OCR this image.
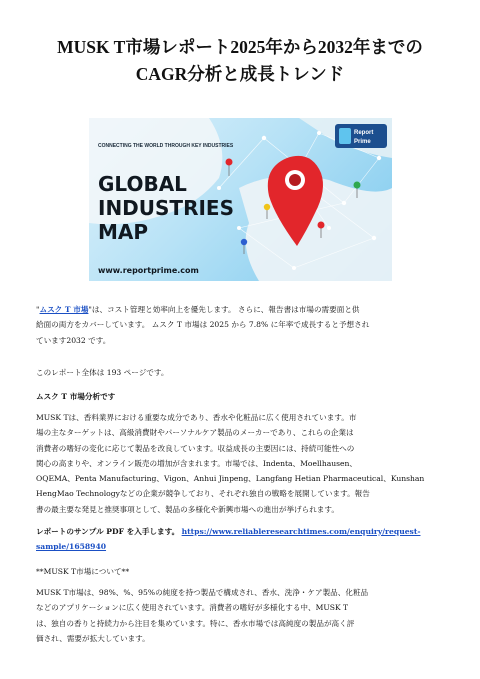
MUSK T市場レポート2025年から2032年までの
CAGR分析と成長トレンド
Report
Prime
CONNECTING THE WORLD THROUGH KEY INDUSTRIES
GLOBAL
INDUSTRIES
MAP
www.reportprime.com
"ムスク T 市場"は、コスト管理と効率向上を優先します。 さらに、報告書は市場の需要面と供
給面の両方をカバーしています。 ムスク T 市場は 2025 から 7.8% に年率で成長すると予想され
ています2032 です。
このレポート全体は 193 ページです。
ムスク T 市場分析です
MUSK Tは、香料業界における重要な成分であり、香水や化粧品に広く使用されています。市
場の主なターゲットは、高級消費財やパーソナルケア製品のメーカーであり、これらの企業は
消費者の嗜好の変化に応じて製品を改良しています。収益成長の主要因には、持続可能性への
関心の高まりや、オンライン販売の増加が含まれます。市場では、Indenta、Moellhausen、
OQEMA、Penta Manufacturing、Vigon、Anhui Jinpeng、Langfang Hetian Pharmaceutical、Kunshan
HengMao Technologyなどの企業が競争しており、それぞれ独自の戦略を展開しています。報告
書の最主要な発見と推奨事項として、製品の多様化や新興市場への進出が挙げられます。
レポートのサンプル PDF を入手します。 https://www.reliableresearchtimes.com/enquiry/request-
sample/1658940
**MUSK T市場について**
MUSK T市場は、98%、%、95%の純度を持つ製品で構成され、香水、洗浄・ケア製品、化粧品
などのアプリケーションに広く使用されています。消費者の嗜好が多様化する中、MUSK T
は、独自の香りと持続力から注目を集めています。特に、香水市場では高純度の製品が高く評
価され、需要が拡大しています。
